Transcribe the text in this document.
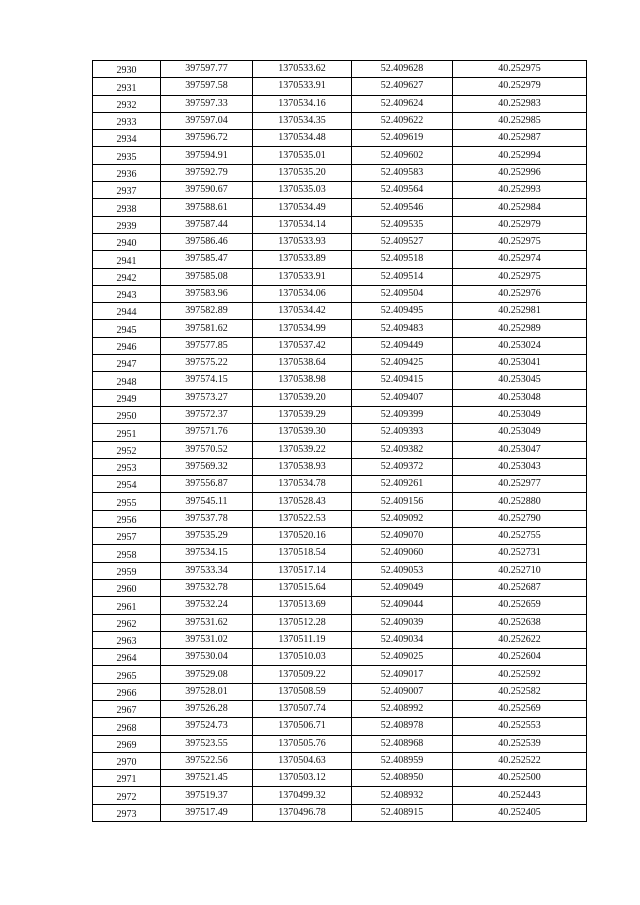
2930	397597.77	1370533.62	52.409628	40.252975
2931	397597.58	1370533.91	52.409627	40.252979
2932	397597.33	1370534.16	52.409624	40.252983
2933	397597.04	1370534.35	52.409622	40.252985
2934	397596.72	1370534.48	52.409619	40.252987
2935	397594.91	1370535.01	52.409602	40.252994
2936	397592.79	1370535.20	52.409583	40.252996
2937	397590.67	1370535.03	52.409564	40.252993
2938	397588.61	1370534.49	52.409546	40.252984
2939	397587.44	1370534.14	52.409535	40.252979
2940	397586.46	1370533.93	52.409527	40.252975
2941	397585.47	1370533.89	52.409518	40.252974
2942	397585.08	1370533.91	52.409514	40.252975
2943	397583.96	1370534.06	52.409504	40.252976
2944	397582.89	1370534.42	52.409495	40.252981
2945	397581.62	1370534.99	52.409483	40.252989
2946	397577.85	1370537.42	52.409449	40.253024
2947	397575.22	1370538.64	52.409425	40.253041
2948	397574.15	1370538.98	52.409415	40.253045
2949	397573.27	1370539.20	52.409407	40.253048
2950	397572.37	1370539.29	52.409399	40.253049
2951	397571.76	1370539.30	52.409393	40.253049
2952	397570.52	1370539.22	52.409382	40.253047
2953	397569.32	1370538.93	52.409372	40.253043
2954	397556.87	1370534.78	52.409261	40.252977
2955	397545.11	1370528.43	52.409156	40.252880
2956	397537.78	1370522.53	52.409092	40.252790
2957	397535.29	1370520.16	52.409070	40.252755
2958	397534.15	1370518.54	52.409060	40.252731
2959	397533.34	1370517.14	52.409053	40.252710
2960	397532.78	1370515.64	52.409049	40.252687
2961	397532.24	1370513.69	52.409044	40.252659
2962	397531.62	1370512.28	52.409039	40.252638
2963	397531.02	1370511.19	52.409034	40.252622
2964	397530.04	1370510.03	52.409025	40.252604
2965	397529.08	1370509.22	52.409017	40.252592
2966	397528.01	1370508.59	52.409007	40.252582
2967	397526.28	1370507.74	52.408992	40.252569
2968	397524.73	1370506.71	52.408978	40.252553
2969	397523.55	1370505.76	52.408968	40.252539
2970	397522.56	1370504.63	52.408959	40.252522
2971	397521.45	1370503.12	52.408950	40.252500
2972	397519.37	1370499.32	52.408932	40.252443
2973	397517.49	1370496.78	52.408915	40.252405
